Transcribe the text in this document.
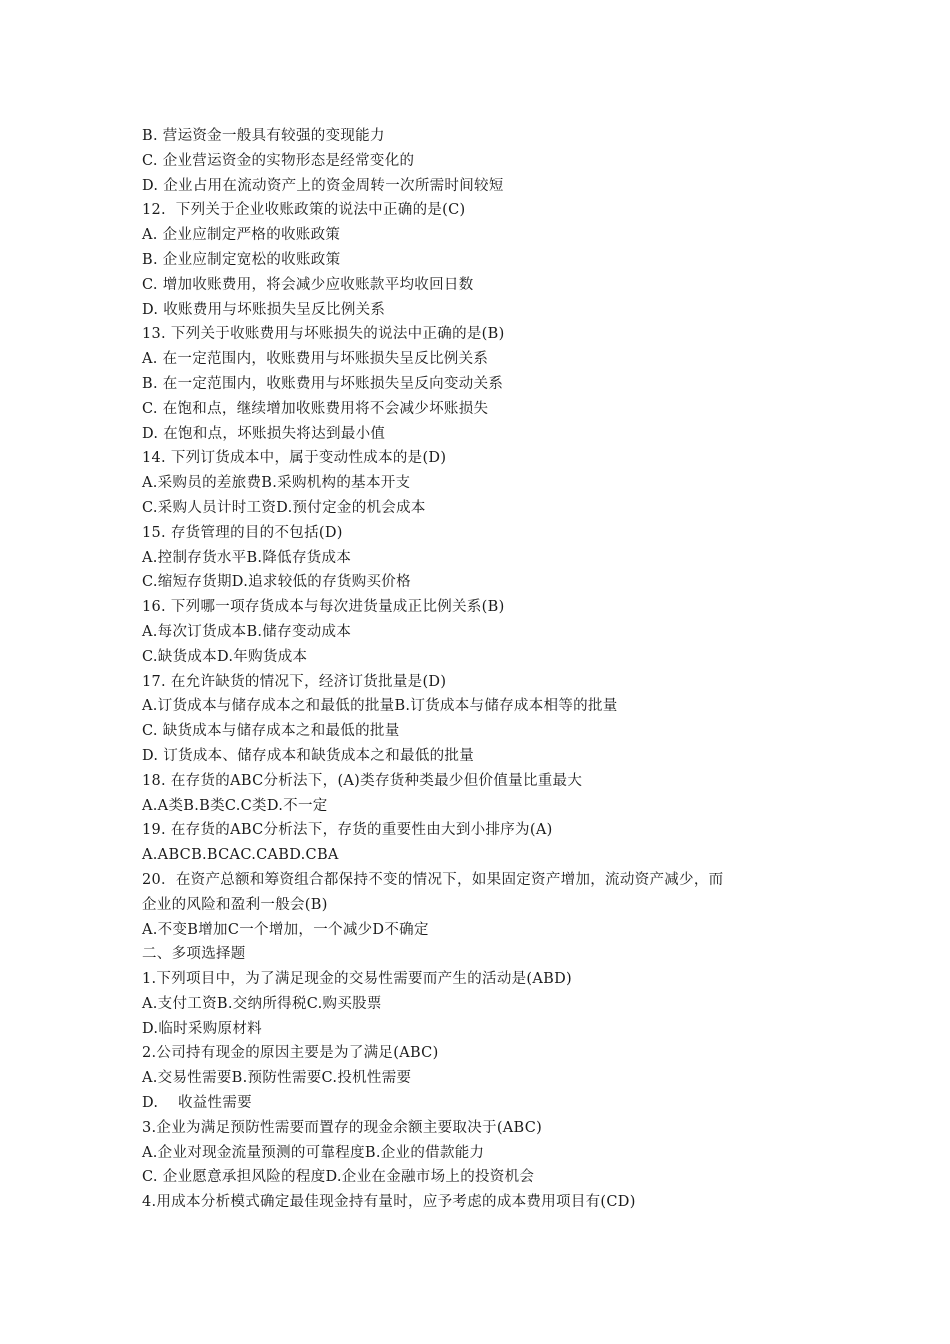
B. 营运资金一般具有较强的变现能力
C. 企业营运资金的实物形态是经常变化的
D. 企业占用在流动资产上的资金周转一次所需时间较短
12.  下列关于企业收账政策的说法中正确的是(C)
A. 企业应制定严格的收账政策
B. 企业应制定宽松的收账政策
C. 增加收账费用，将会减少应收账款平均收回日数
D. 收账费用与坏账损失呈反比例关系
13. 下列关于收账费用与坏账损失的说法中正确的是(B)
A. 在一定范围内，收账费用与坏账损失呈反比例关系
B. 在一定范围内，收账费用与坏账损失呈反向变动关系
C. 在饱和点，继续增加收账费用将不会减少坏账损失
D. 在饱和点，坏账损失将达到最小值
14. 下列订货成本中，属于变动性成本的是(D)
A.采购员的差旅费B.采购机构的基本开支
C.采购人员计时工资D.预付定金的机会成本
15. 存货管理的目的不包括(D)
A.控制存货水平B.降低存货成本
C.缩短存货期D.追求较低的存货购买价格
16. 下列哪一项存货成本与每次进货量成正比例关系(B)
A.每次订货成本B.储存变动成本
C.缺货成本D.年购货成本
17. 在允许缺货的情况下，经济订货批量是(D)
A.订货成本与储存成本之和最低的批量B.订货成本与储存成本相等的批量
C. 缺货成本与储存成本之和最低的批量
D. 订货成本、储存成本和缺货成本之和最低的批量
18. 在存货的ABC分析法下，(A)类存货种类最少但价值量比重最大
A.A类B.B类C.C类D.不一定
19. 在存货的ABC分析法下，存货的重要性由大到小排序为(A)
A.ABCB.BCAC.CABD.CBA
20．在资产总额和筹资组合都保持不变的情况下，如果固定资产增加，流动资产减少，而
企业的风险和盈利一般会(B)
A.不变B增加C一个增加，一个减少D不确定
二、多项选择题
1.下列项目中，为了满足现金的交易性需要而产生的活动是(ABD)
A.支付工资B.交纳所得税C.购买股票
D.临时采购原材料
2.公司持有现金的原因主要是为了满足(ABC)
A.交易性需要B.预防性需要C.投机性需要
D.    收益性需要
3.企业为满足预防性需要而置存的现金余额主要取决于(ABC)
A.企业对现金流量预测的可靠程度B.企业的借款能力
C. 企业愿意承担风险的程度D.企业在金融市场上的投资机会
4.用成本分析模式确定最佳现金持有量时，应予考虑的成本费用项目有(CD)
